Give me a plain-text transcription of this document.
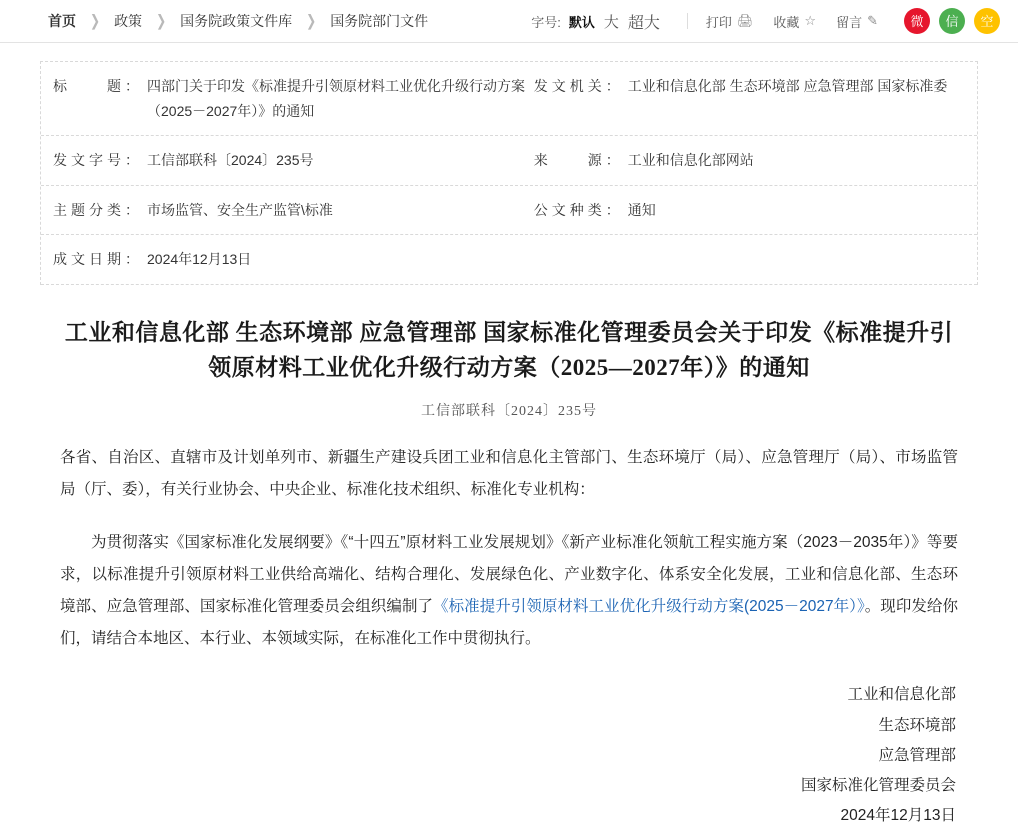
首页 ❯ 政策 ❯ 国务院政策文件库 ❯ 国务院部门文件	字号: 默认 大 超大	打印 🖨 收藏 ☆ 留言 ✎	微	信	空
标　　题： 四部门关于印发《标准提升引领原材料工业优化升级行动方案（2025－2027年）》的通知
发文机关： 工业和信息化部 生态环境部 应急管理部 国家标准委
发文字号： 工信部联科〔2024〕235号	来　　源： 工业和信息化部网站
主题分类： 市场监管、安全生产监管\标准	公文种类： 通知
成文日期： 2024年12月13日
工业和信息化部 生态环境部 应急管理部 国家标准化管理委员会关于印发《标准提升引领原材料工业优化升级行动方案（2025—2027年）》的通知
工信部联科〔2024〕235号

各省、自治区、直辖市及计划单列市、新疆生产建设兵团工业和信息化主管部门、生态环境厅（局）、应急管理厅（局）、市场监管局（厅、委），有关行业协会、中央企业、标准化技术组织、标准化专业机构：

为贯彻落实《国家标准化发展纲要》《“十四五”原材料工业发展规划》《新产业标准化领航工程实施方案（2023－2035年）》等要求，以标准提升引领原材料工业供给高端化、结构合理化、发展绿色化、产业数字化、体系安全化发展，工业和信息化部、生态环境部、应急管理部、国家标准化管理委员会组织编制了《标准提升引领原材料工业优化升级行动方案(2025－2027年）》。现印发给你们，请结合本地区、本行业、本领域实际，在标准化工作中贯彻执行。

工业和信息化部
生态环境部
应急管理部
国家标准化管理委员会
2024年12月13日
